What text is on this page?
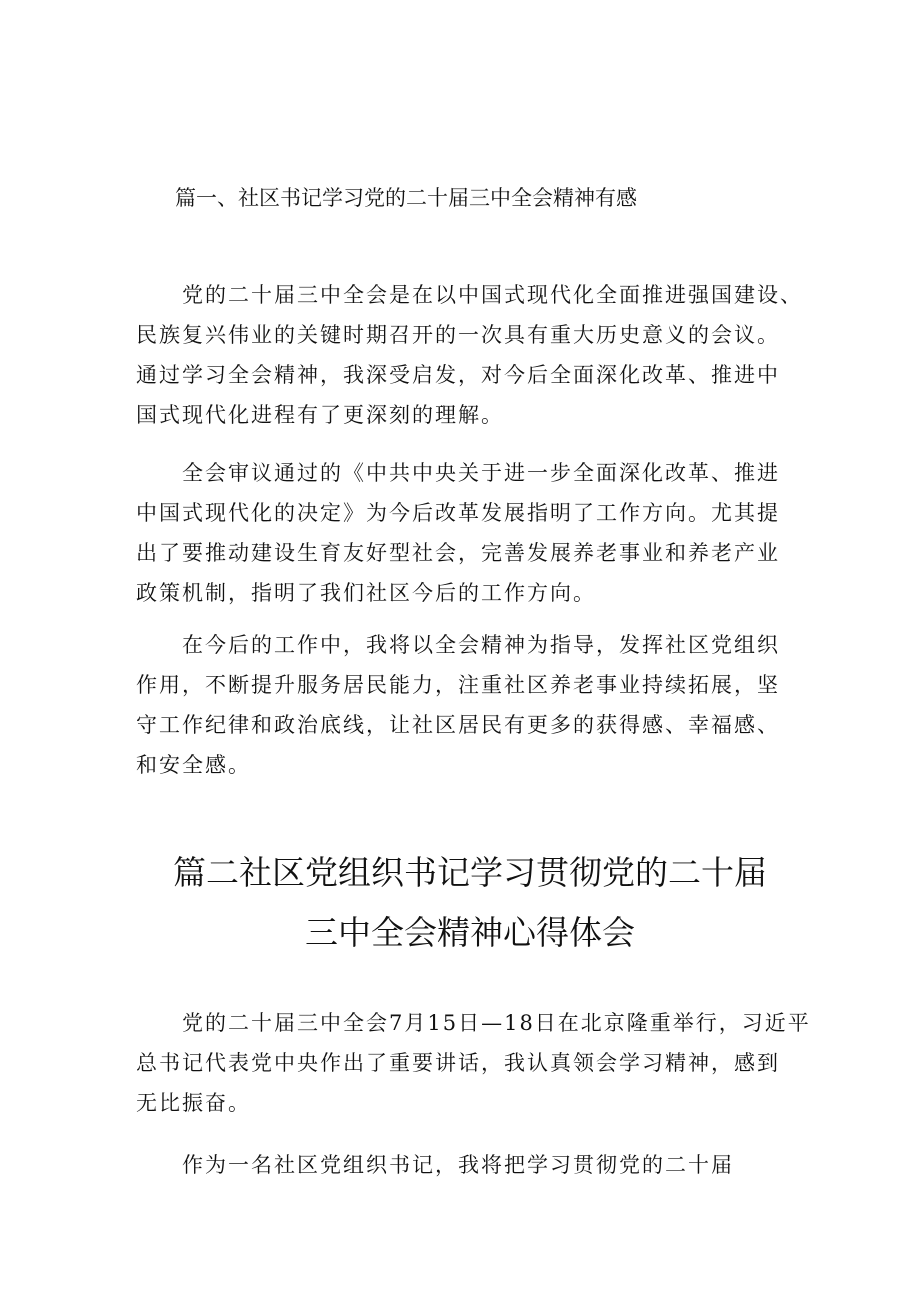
篇一、社区书记学习党的二十届三中全会精神有感
党的二十届三中全会是在以中国式现代化全面推进强国建设、
民族复兴伟业的关键时期召开的一次具有重大历史意义的会议。
通过学习全会精神，我深受启发，对今后全面深化改革、推进中
国式现代化进程有了更深刻的理解。
全会审议通过的《中共中央关于进一步全面深化改革、推进
中国式现代化的决定》为今后改革发展指明了工作方向。尤其提
出了要推动建设生育友好型社会，完善发展养老事业和养老产业
政策机制，指明了我们社区今后的工作方向。
在今后的工作中，我将以全会精神为指导，发挥社区党组织
作用，不断提升服务居民能力，注重社区养老事业持续拓展，坚
守工作纪律和政治底线，让社区居民有更多的获得感、幸福感、
和安全感。
篇二社区党组织书记学习贯彻党的二十届
三中全会精神心得体会
党的二十届三中全会7月15日—18日在北京隆重举行，习近平
总书记代表党中央作出了重要讲话，我认真领会学习精神，感到
无比振奋。
作为一名社区党组织书记，我将把学习贯彻党的二十届
